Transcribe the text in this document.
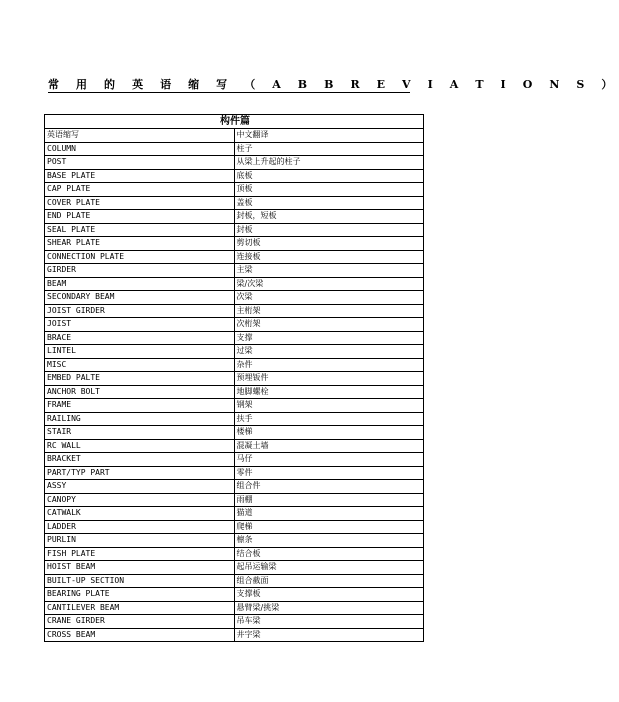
常 用 的 英 语 缩 写 （ A B B R E V I A T I O N S ）
构件篇	
英语缩写	中文翻译
COLUMN	柱子
POST	从梁上升起的柱子
BASE PLATE	底板
CAP PLATE	顶板
COVER PLATE	盖板
END PLATE	封板，短板
SEAL PLATE	封板
SHEAR PLATE	剪切板
CONNECTION PLATE	连接板
GIRDER	主梁
BEAM	梁/次梁
SECONDARY BEAM	次梁
JOIST GIRDER	主桁架
JOIST	次桁架
BRACE	支撑
LINTEL	过梁
MISC	杂件
EMBED PALTE	预埋钣件
ANCHOR BOLT	地脚螺栓
FRAME	钢架
RAILING	扶手
STAIR	楼梯
RC WALL	混凝土墙
BRACKET	马仔
PART/TYP PART	零件
ASSY	组合件
CANOPY	雨棚
CATWALK	猫道
LADDER	爬梯
PURLIN	檩条
FISH PLATE	结合板
HOIST BEAM	起吊运输梁
BUILT-UP SECTION	组合截面
BEARING PLATE	支撑板
CANTILEVER BEAM	悬臂梁/挑梁
CRANE GIRDER	吊车梁
CROSS BEAM	井字梁
